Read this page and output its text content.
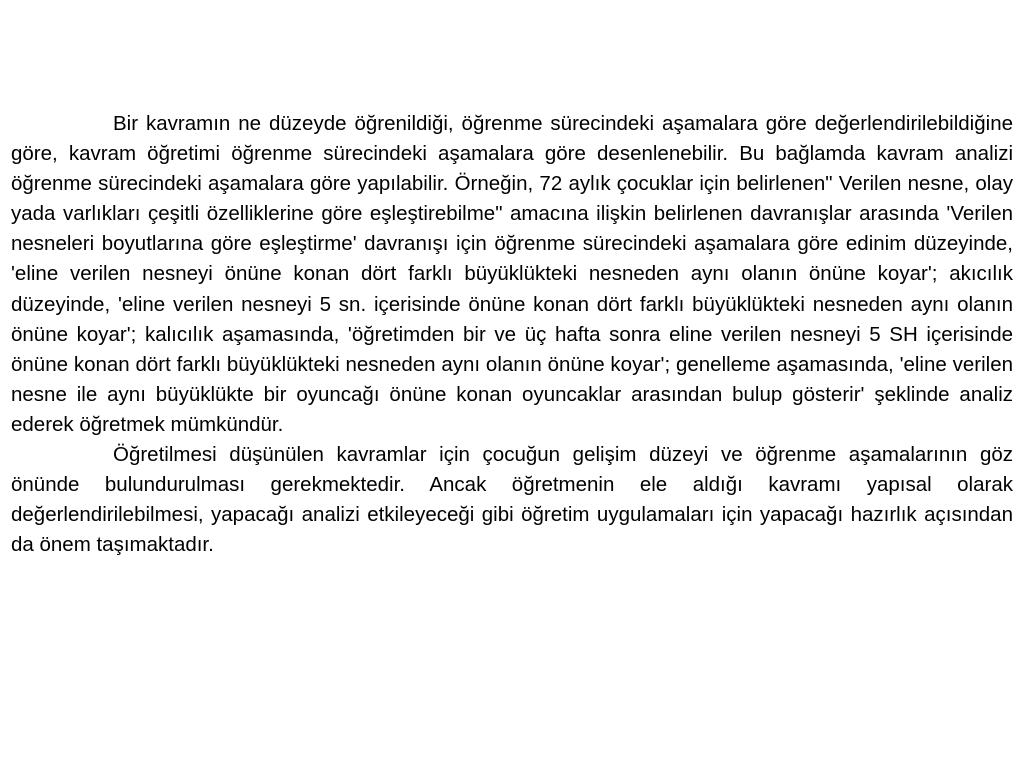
Bir kavramın ne düzeyde öğrenildiği, öğrenme sürecindeki aşamalara göre değerlendirilebildiğine göre, kavram öğretimi öğrenme sürecindeki aşamalara göre desenlenebilir. Bu bağlamda kavram analizi öğrenme sürecindeki aşamalara göre yapılabilir. Örneğin, 72 aylık çocuklar için belirlenen" Verilen nesne, olay yada varlıkları çeşitli özelliklerine göre eşleştirebilme" amacına ilişkin belirlenen davranışlar arasında 'Verilen nesneleri boyutlarına göre eşleştirme' davranışı için öğrenme sürecindeki aşamalara göre edinim düzeyinde, 'eline verilen nesneyi önüne konan dört farklı büyüklükteki nesneden aynı olanın önüne koyar'; akıcılık düzeyinde, 'eline verilen nesneyi 5 sn. içerisinde önüne konan dört farklı büyüklükteki nesneden aynı olanın önüne koyar'; kalıcılık aşamasında, 'öğretimden bir ve üç hafta sonra eline verilen nesneyi 5 SH içerisinde önüne konan dört farklı büyüklükteki nesneden aynı olanın önüne koyar'; genelleme aşamasında, 'eline verilen nesne ile aynı büyüklükte bir oyuncağı önüne konan oyuncaklar arasından bulup gösterir' şeklinde analiz ederek öğretmek mümkündür.

Öğretilmesi düşünülen kavramlar için çocuğun gelişim düzeyi ve öğrenme aşamalarının göz önünde bulundurulması gerekmektedir. Ancak öğretmenin ele aldığı kavramı yapısal olarak değerlendirilebilmesi, yapacağı analizi etkileyeceği gibi öğretim uygulamaları için yapacağı hazırlık açısından da önem taşımaktadır.
